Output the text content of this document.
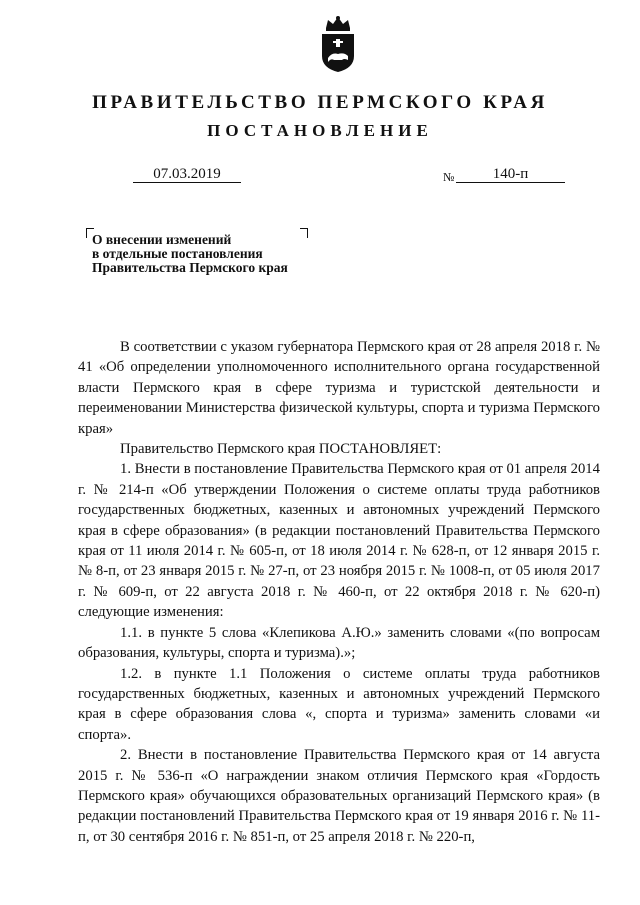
ПРАВИТЕЛЬСТВО ПЕРМСКОГО КРАЯ
ПОСТАНОВЛЕНИЕ
07.03.2019	№	140-п
О внесении изменений
в отдельные постановления
Правительства Пермского края

В соответствии с указом губернатора Пермского края от 28 апреля 2018 г. № 41 «Об определении уполномоченного исполнительного органа государственной власти Пермского края в сфере туризма и туристской деятельности и переименовании Министерства физической культуры, спорта и туризма Пермского края»

Правительство Пермского края ПОСТАНОВЛЯЕТ:

1. Внести в постановление Правительства Пермского края от 01 апреля 2014 г. № 214-п «Об утверждении Положения о системе оплаты труда работников государственных бюджетных, казенных и автономных учреждений Пермского края в сфере образования» (в редакции постановлений Правительства Пермского края от 11 июля 2014 г. № 605-п, от 18 июля 2014 г. № 628-п, от 12 января 2015 г. № 8-п, от 23 января 2015 г. № 27-п, от 23 ноября 2015 г. № 1008-п, от 05 июля 2017 г. № 609-п, от 22 августа 2018 г. № 460-п, от 22 октября 2018 г. № 620-п) следующие изменения:

1.1. в пункте 5 слова «Клепикова А.Ю.» заменить словами «(по вопросам образования, культуры, спорта и туризма).»;

1.2. в пункте 1.1 Положения о системе оплаты труда работников государственных бюджетных, казенных и автономных учреждений Пермского края в сфере образования слова «, спорта и туризма» заменить словами «и спорта».

2. Внести в постановление Правительства Пермского края от 14 августа 2015 г. № 536-п «О награждении знаком отличия Пермского края «Гордость Пермского края» обучающихся образовательных организаций Пермского края» (в редакции постановлений Правительства Пермского края от 19 января 2016 г. № 11-п, от 30 сентября 2016 г. № 851-п, от 25 апреля 2018 г. № 220-п,
